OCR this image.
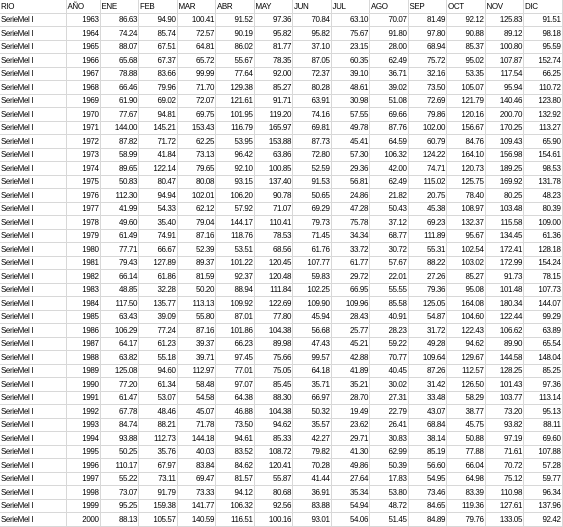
RIO	AÑO	ENE	FEB	MAR	ABR	MAY	JUN	JUL	AGO	SEP	OCT	NOV	DIC
SerieMel I	1963	86.63	94.90	100.41	91.52	97.36	70.84	63.10	70.07	81.49	92.12	125.83	91.51
SerieMel I	1964	74.24	85.74	72.57	90.19	95.82	95.82	75.67	91.80	97.80	90.88	89.12	98.18
SerieMel I	1965	88.07	67.51	64.81	86.02	81.77	37.10	23.15	28.00	68.94	85.37	100.80	95.59
SerieMel I	1966	65.68	67.37	65.72	55.67	78.35	87.05	60.35	62.49	75.72	95.02	107.87	152.74
SerieMel I	1967	78.88	83.66	99.99	77.64	92.00	72.37	39.10	36.71	32.16	53.35	117.54	66.25
SerieMel I	1968	66.46	79.96	71.70	129.38	85.27	80.28	48.61	39.02	73.50	105.07	95.94	110.72
SerieMel I	1969	61.90	69.02	72.07	121.61	91.71	63.91	30.98	51.08	72.69	121.79	140.46	123.80
SerieMel I	1970	77.67	94.81	69.75	101.95	119.20	74.16	57.55	69.66	79.86	120.16	200.70	132.92
SerieMel I	1971	144.00	145.21	153.43	116.79	165.97	69.81	49.78	87.76	102.00	156.67	170.25	113.27
SerieMel I	1972	87.82	71.72	62.25	53.95	153.88	87.73	45.41	64.59	60.79	84.76	109.43	65.90
SerieMel I	1973	58.99	41.84	73.13	96.42	63.86	72.80	57.30	106.32	124.22	164.10	156.98	154.61
SerieMel I	1974	89.65	122.14	79.65	92.10	100.85	52.59	29.36	42.00	74.71	120.73	189.25	98.53
SerieMel I	1975	50.83	80.47	80.08	93.15	137.40	91.53	56.81	62.49	115.02	125.75	169.92	131.78
SerieMel I	1976	112.30	94.94	102.01	106.20	90.78	50.65	24.86	21.82	20.75	78.40	80.25	48.23
SerieMel I	1977	41.99	54.33	62.12	57.92	71.07	69.29	47.28	50.43	45.38	108.97	103.48	80.39
SerieMel I	1978	49.60	35.40	79.04	144.17	110.41	79.73	75.78	37.12	69.23	132.37	115.58	109.00
SerieMel I	1979	61.49	74.91	87.16	118.76	78.53	71.45	34.34	68.77	111.89	95.67	134.45	61.36
SerieMel I	1980	77.71	66.67	52.39	53.51	68.56	61.76	33.72	30.72	55.31	102.54	172.41	128.18
SerieMel I	1981	79.43	127.89	89.37	101.22	120.45	107.77	61.77	57.67	88.22	103.02	172.99	154.24
SerieMel I	1982	66.14	61.86	81.59	92.37	120.48	59.83	29.72	22.01	27.26	85.27	91.73	78.15
SerieMel I	1983	48.85	32.28	50.20	88.94	111.84	102.25	66.95	55.55	79.36	95.08	101.48	107.73
SerieMel I	1984	117.50	135.77	113.13	109.92	122.69	109.90	109.96	85.58	125.05	164.08	180.34	144.07
SerieMel I	1985	63.43	39.09	55.80	87.01	77.80	45.94	28.43	40.91	54.87	104.60	122.44	99.29
SerieMel I	1986	106.29	77.24	87.16	101.86	104.38	56.68	25.77	28.23	31.72	122.43	106.62	63.89
SerieMel I	1987	64.17	61.23	39.37	66.23	89.98	47.43	45.21	59.22	49.28	94.62	89.90	65.54
SerieMel I	1988	63.82	55.18	39.71	97.45	75.66	99.57	42.88	70.77	109.64	129.67	144.58	148.04
SerieMel I	1989	125.08	94.60	112.97	77.01	75.05	64.18	41.89	40.45	87.26	112.57	128.25	85.25
SerieMel I	1990	77.20	61.34	58.48	97.07	85.45	35.71	35.21	30.02	31.42	126.50	101.43	97.36
SerieMel I	1991	61.47	53.07	54.58	64.38	88.30	66.97	28.70	27.31	33.48	58.29	103.77	113.14
SerieMel I	1992	67.78	48.46	45.07	46.88	104.38	50.32	19.49	22.79	43.07	38.77	73.20	95.13
SerieMel I	1993	84.74	88.21	71.78	73.50	94.62	35.57	23.62	26.41	68.84	45.75	93.82	88.11
SerieMel I	1994	93.88	112.73	144.18	94.61	85.33	42.27	29.71	30.83	38.14	50.88	97.19	69.60
SerieMel I	1995	50.25	35.76	40.03	83.52	108.72	79.82	41.30	62.99	85.19	77.88	71.61	107.88
SerieMel I	1996	110.17	67.97	83.84	84.62	120.41	70.28	49.86	50.39	56.60	66.04	70.72	57.28
SerieMel I	1997	55.22	73.11	69.47	81.57	55.87	41.44	27.64	17.83	54.95	64.98	75.12	59.77
SerieMel I	1998	73.07	91.79	73.33	94.12	80.68	36.91	35.34	53.80	73.46	83.39	110.98	96.34
SerieMel I	1999	95.25	159.38	141.77	106.32	92.56	83.88	54.94	48.72	84.65	119.36	127.61	137.96
SerieMel I	2000	88.13	105.57	140.59	116.51	100.16	93.01	54.06	51.45	84.89	79.76	133.05	92.42
